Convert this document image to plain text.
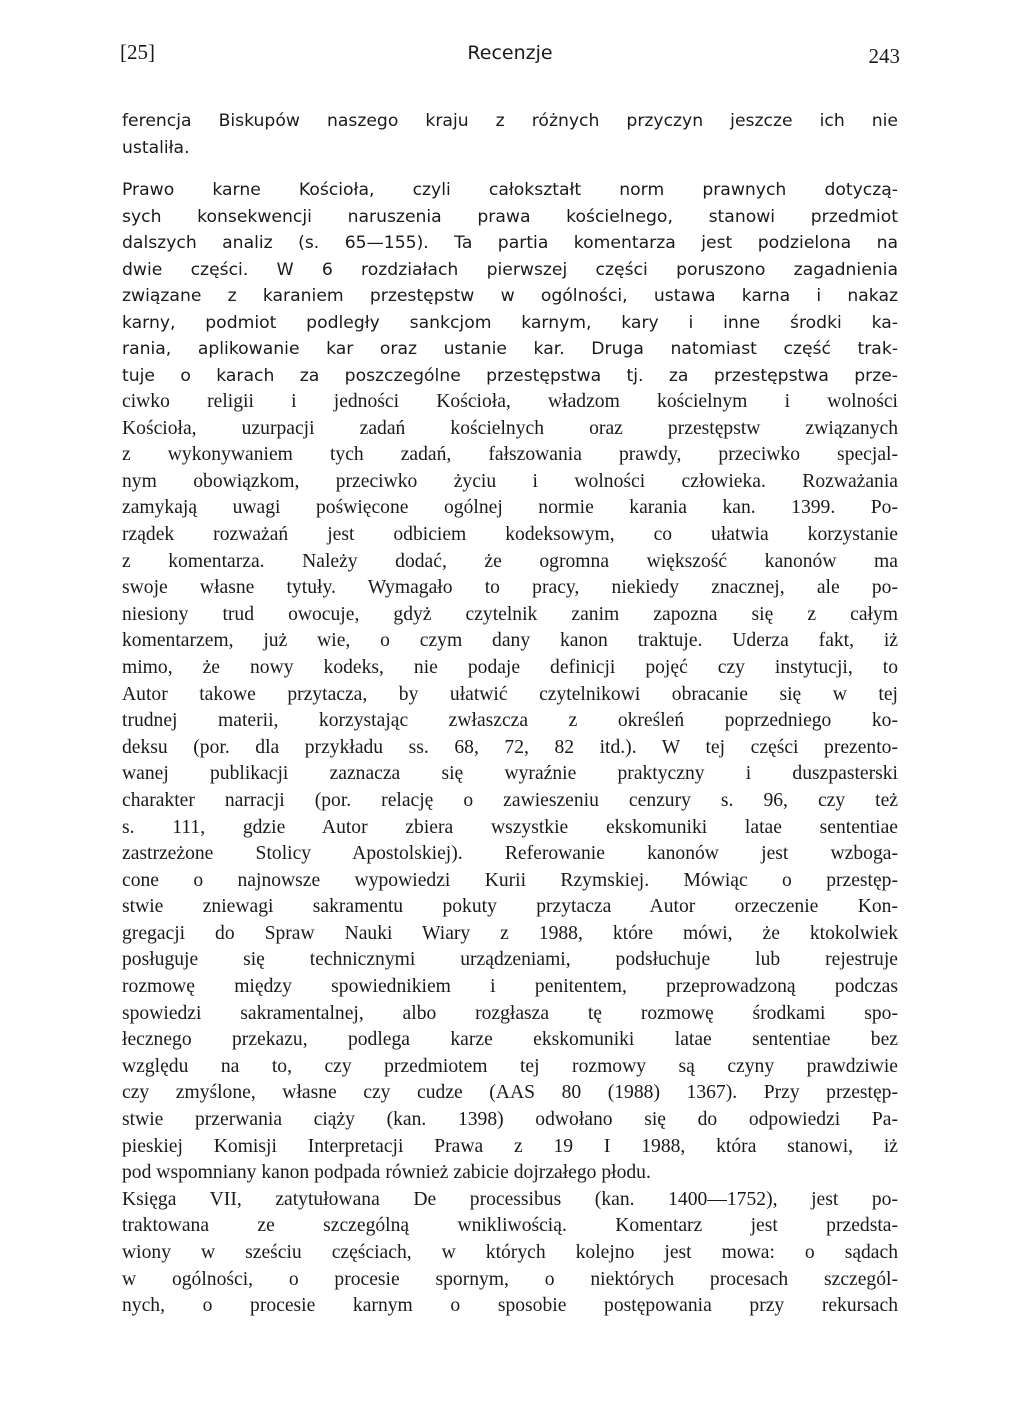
[25]	Recenzje	243
ferencja Biskupów naszego kraju z różnych przyczyn jeszcze ich nie
ustaliła.
Prawo karne Kościoła, czyli całokształt norm prawnych dotyczą-
sych konsekwencji naruszenia prawa kościelnego, stanowi przedmiot
dalszych analiz (s. 65—155). Ta partia komentarza jest podzielona na
dwie części. W 6 rozdziałach pierwszej części poruszono zagadnienia
związane z karaniem przestępstw w ogólności, ustawa karna i nakaz
karny, podmiot podległy sankcjom karnym, kary i inne środki ka-
rania, aplikowanie kar oraz ustanie kar. Druga natomiast część trak-
tuje o karach za poszczególne przestępstwa tj. za przestępstwa prze-
ciwko religii i jedności Kościoła, władzom kościelnym i wolności
Kościoła, uzurpacji zadań kościelnych oraz przestępstw związanych
z wykonywaniem tych zadań, fałszowania prawdy, przeciwko specjal-
nym obowiązkom, przeciwko życiu i wolności człowieka. Rozważania
zamykają uwagi poświęcone ogólnej normie karania kan. 1399. Po-
rządek rozważań jest odbiciem kodeksowym, co ułatwia korzystanie
z komentarza. Należy dodać, że ogromna większość kanonów ma
swoje własne tytuły. Wymagało to pracy, niekiedy znacznej, ale po-
niesiony trud owocuje, gdyż czytelnik zanim zapozna się z całym
komentarzem, już wie, o czym dany kanon traktuje. Uderza fakt, iż
mimo, że nowy kodeks, nie podaje definicji pojęć czy instytucji, to
Autor takowe przytacza, by ułatwić czytelnikowi obracanie się w tej
trudnej materii, korzystając zwłaszcza z określeń poprzedniego ko-
deksu (por. dla przykładu ss. 68, 72, 82 itd.). W tej części prezento-
wanej publikacji zaznacza się wyraźnie praktyczny i duszpasterski
charakter narracji (por. relację o zawieszeniu cenzury s. 96, czy też
s. 111, gdzie Autor zbiera wszystkie ekskomuniki latae sententiae
zastrzeżone Stolicy Apostolskiej). Referowanie kanonów jest wzboga-
cone o najnowsze wypowiedzi Kurii Rzymskiej. Mówiąc o przestęp-
stwie zniewagi sakramentu pokuty przytacza Autor orzeczenie Kon-
gregacji do Spraw Nauki Wiary z 1988, które mówi, że ktokolwiek
posługuje się technicznymi urządzeniami, podsłuchuje lub rejestruje
rozmowę między spowiednikiem i penitentem, przeprowadzoną podczas
spowiedzi sakramentalnej, albo rozgłasza tę rozmowę środkami spo-
łecznego przekazu, podlega karze ekskomuniki latae sententiae bez
względu na to, czy przedmiotem tej rozmowy są czyny prawdziwie
czy zmyślone, własne czy cudze (AAS 80 (1988) 1367). Przy przestęp-
stwie przerwania ciąży (kan. 1398) odwołano się do odpowiedzi Pa-
pieskiej Komisji Interpretacji Prawa z 19 I 1988, która stanowi, iż
pod wspomniany kanon podpada również zabicie dojrzałego płodu.
Księga VII, zatytułowana De processibus (kan. 1400—1752), jest po-
traktowana ze szczególną wnikliwością. Komentarz jest przedsta-
wiony w sześciu częściach, w których kolejno jest mowa: o sądach
w ogólności, o procesie spornym, o niektórych procesach szczegól-
nych, o procesie karnym o sposobie postępowania przy rekursach
